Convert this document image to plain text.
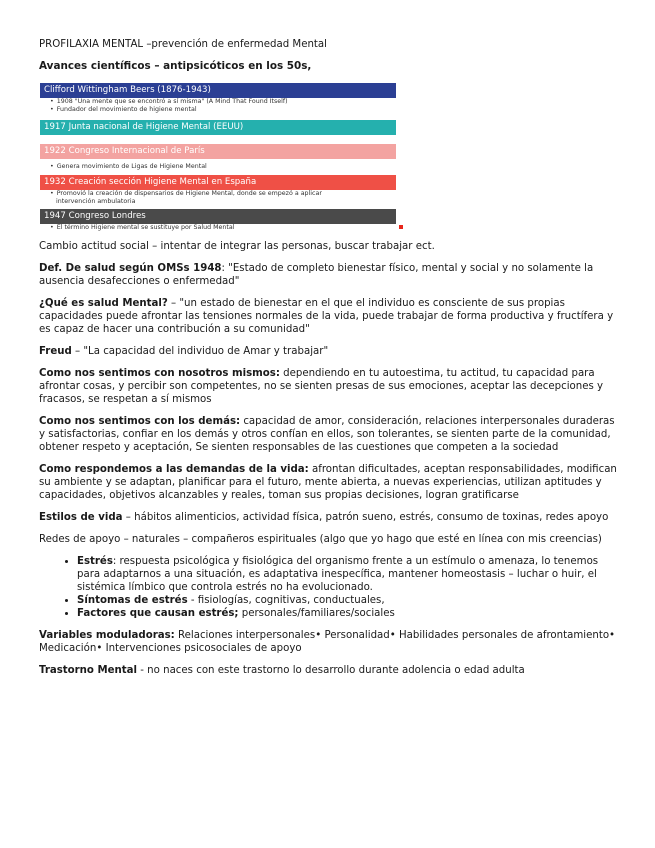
PROFILAXIA MENTAL –prevención de enfermedad Mental
Avances científicos – antipsicóticos en los 50s,
Clifford Wittingham Beers (1876-1943)
• 1908 "Una mente que se encontró a sí misma" (A Mind That Found Itself)
• Fundador del movimiento de higiene mental
1917 Junta nacional de Higiene Mental (EEUU)
1922 Congreso Internacional de París
• Genera movimiento de Ligas de Higiene Mental
1932 Creación sección Higiene Mental en España
• Promovió la creación de dispensarios de Higiene Mental, donde se empezó a aplicar
intervención ambulatoria
1947 Congreso Londres
• El término Higiene mental se sustituye por Salud Mental

Cambio actitud social – intentar de integrar las personas, buscar trabajar ect.

Def. De salud según OMSs 1948: "Estado de completo bienestar físico, mental y social y no solamente la ausencia desafecciones o enfermedad"

¿Qué es salud Mental? – "un estado de bienestar en el que el individuo es consciente de sus propias capacidades puede afrontar las tensiones normales de la vida, puede trabajar de forma productiva y fructífera y es capaz de hacer una contribución a su comunidad"

Freud – "La capacidad del individuo de Amar y trabajar"

Como nos sentimos con nosotros mismos: dependiendo en tu autoestima, tu actitud, tu capacidad para afrontar cosas, y percibir son competentes, no se sienten presas de sus emociones, aceptar las decepciones y fracasos, se respetan a sí mismos

Como nos sentimos con los demás: capacidad de amor, consideración, relaciones interpersonales duraderas y satisfactorias, confiar en los demás y otros confían en ellos, son tolerantes, se sienten parte de la comunidad, obtener respeto y aceptación, Se sienten responsables de las cuestiones que competen a la sociedad

Como respondemos a las demandas de la vida: afrontan dificultades, aceptan responsabilidades, modifican su ambiente y se adaptan, planificar para el futuro, mente abierta, a nuevas experiencias, utilizan aptitudes y capacidades, objetivos alcanzables y reales, toman sus propias decisiones, logran gratificarse

Estilos de vida – hábitos alimenticios, actividad física, patrón sueno, estrés, consumo de toxinas, redes apoyo

Redes de apoyo – naturales – compañeros espirituales (algo que yo hago que esté en línea con mis creencias)

• Estrés: respuesta psicológica y fisiológica del organismo frente a un estímulo o amenaza, lo tenemos para adaptarnos a una situación, es adaptativa inespecífica, mantener homeostasis – luchar o huir, el sistémica límbico que controla estrés no ha evolucionado.
• Síntomas de estrés - fisiologías, cognitivas, conductuales,
• Factores que causan estrés; personales/familiares/sociales

Variables moduladoras: Relaciones interpersonales• Personalidad• Habilidades personales de afrontamiento• Medicación• Intervenciones psicosociales de apoyo

Trastorno Mental - no naces con este trastorno lo desarrollo durante adolencia o edad adulta
